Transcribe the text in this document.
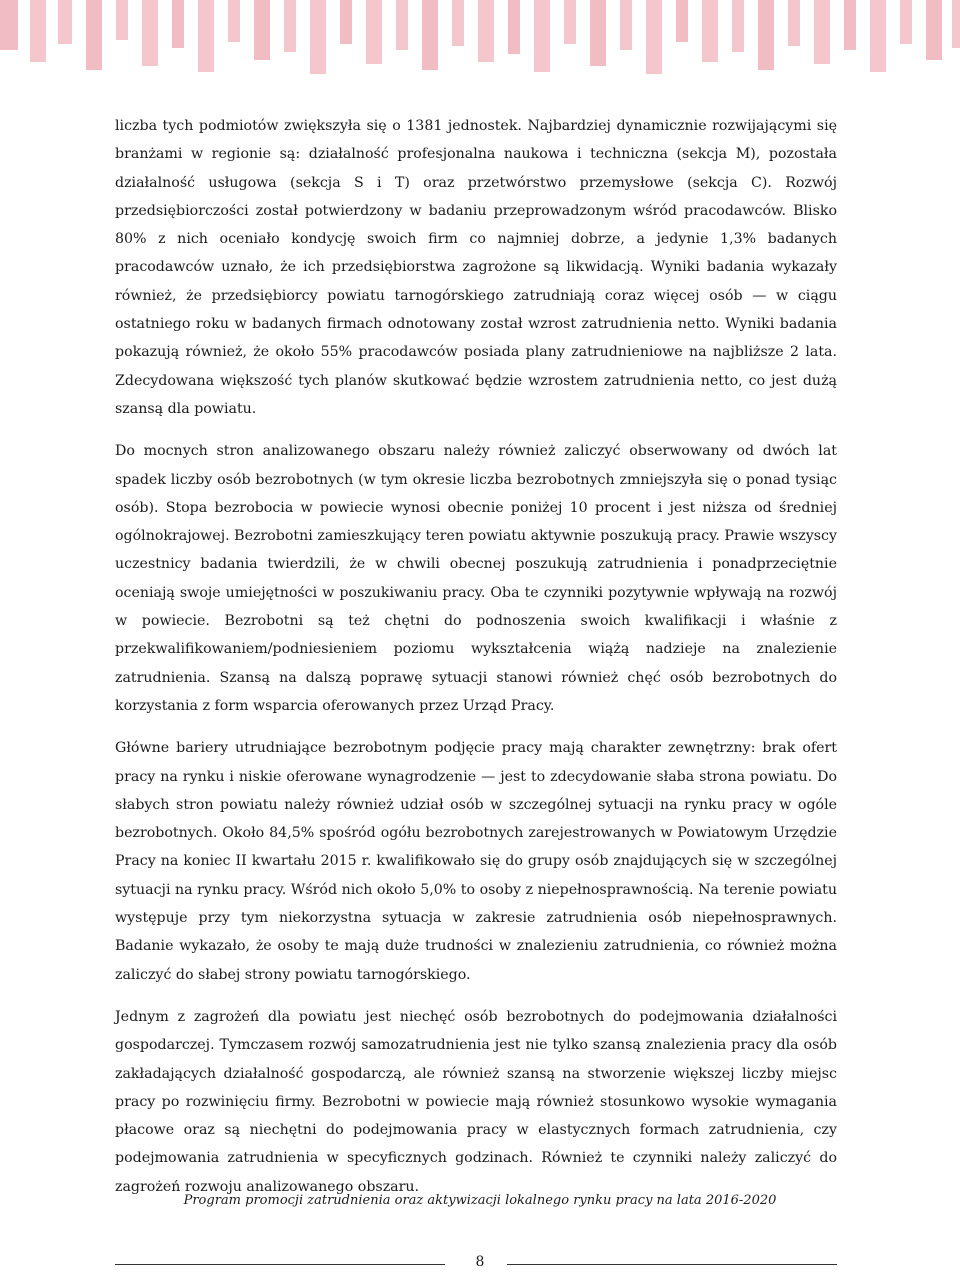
liczba tych podmiotów zwiększyła się o 1381 jednostek. Najbardziej dynamicznie rozwijającymi się branżami w regionie są: działalność profesjonalna naukowa i techniczna (sekcja M), pozostała działalność usługowa (sekcja S i T) oraz przetwórstwo przemysłowe (sekcja C). Rozwój przedsiębiorczości został potwierdzony w badaniu przeprowadzonym wśród pracodawców. Blisko 80% z nich oceniało kondycję swoich firm co najmniej dobrze, a jedynie 1,3% badanych pracodawców uznało, że ich przedsiębiorstwa zagrożone są likwidacją. Wyniki badania wykazały również, że przedsiębiorcy powiatu tarnogórskiego zatrudniają coraz więcej osób — w ciągu ostatniego roku w badanych firmach odnotowany został wzrost zatrudnienia netto. Wyniki badania pokazują również, że około 55% pracodawców posiada plany zatrudnieniowe na najbliższe 2 lata. Zdecydowana większość tych planów skutkować będzie wzrostem zatrudnienia netto, co jest dużą szansą dla powiatu.

Do mocnych stron analizowanego obszaru należy również zaliczyć obserwowany od dwóch lat spadek liczby osób bezrobotnych (w tym okresie liczba bezrobotnych zmniejszyła się o ponad tysiąc osób). Stopa bezrobocia w powiecie wynosi obecnie poniżej 10 procent i jest niższa od średniej ogólnokrajowej. Bezrobotni zamieszkujący teren powiatu aktywnie poszukują pracy. Prawie wszyscy uczestnicy badania twierdzili, że w chwili obecnej poszukują zatrudnienia i ponadprzeciętnie oceniają swoje umiejętności w poszukiwaniu pracy. Oba te czynniki pozytywnie wpływają na rozwój w powiecie. Bezrobotni są też chętni do podnoszenia swoich kwalifikacji i właśnie z przekwalifikowaniem/podniesieniem poziomu wykształcenia wiążą nadzieje na znalezienie zatrudnienia. Szansą na dalszą poprawę sytuacji stanowi również chęć osób bezrobotnych do korzystania z form wsparcia oferowanych przez Urząd Pracy.

Główne bariery utrudniające bezrobotnym podjęcie pracy mają charakter zewnętrzny: brak ofert pracy na rynku i niskie oferowane wynagrodzenie — jest to zdecydowanie słaba strona powiatu. Do słabych stron powiatu należy również udział osób w szczególnej sytuacji na rynku pracy w ogóle bezrobotnych. Około 84,5% spośród ogółu bezrobotnych zarejestrowanych w Powiatowym Urzędzie Pracy na koniec II kwartału 2015 r. kwalifikowało się do grupy osób znajdujących się w szczególnej sytuacji na rynku pracy. Wśród nich około 5,0% to osoby z niepełnosprawnością. Na terenie powiatu występuje przy tym niekorzystna sytuacja w zakresie zatrudnienia osób niepełnosprawnych. Badanie wykazało, że osoby te mają duże trudności w znalezieniu zatrudnienia, co również można zaliczyć do słabej strony powiatu tarnogórskiego.

Jednym z zagrożeń dla powiatu jest niechęć osób bezrobotnych do podejmowania działalności gospodarczej. Tymczasem rozwój samozatrudnienia jest nie tylko szansą znalezienia pracy dla osób zakładających działalność gospodarczą, ale również szansą na stworzenie większej liczby miejsc pracy po rozwinięciu firmy. Bezrobotni w powiecie mają również stosunkowo wysokie wymagania płacowe oraz są niechętni do podejmowania pracy w elastycznych formach zatrudnienia, czy podejmowania zatrudnienia w specyficznych godzinach. Również te czynniki należy zaliczyć do zagrożeń rozwoju analizowanego obszaru.

Program promocji zatrudnienia oraz aktywizacji lokalnego rynku pracy na lata 2016-2020
8
